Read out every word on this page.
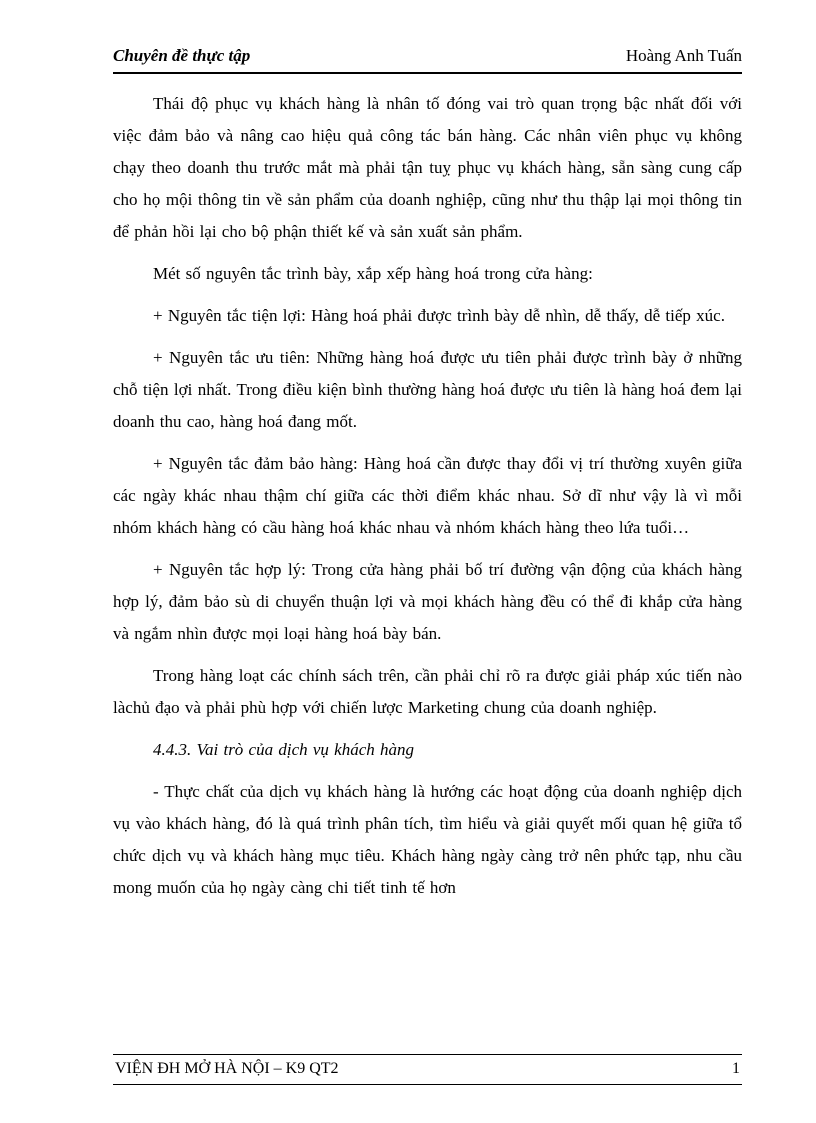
Chuyên đề thực tập	Hoàng Anh Tuấn

Thái độ phục vụ khách hàng là nhân tố đóng vai trò quan trọng bậc nhất đối với việc đảm bảo và nâng cao hiệu quả công tác bán hàng. Các nhân viên phục vụ không chạy theo doanh thu trước mắt mà phải tận tuỵ phục vụ khách hàng, sẵn sàng cung cấp cho họ mội thông tin về sản phẩm của doanh nghiệp, cũng như thu thập lại mọi thông tin để phản hồi lại cho bộ phận thiết kế và sản xuất sản phẩm.

Mét số nguyên tắc trình bày, xắp xếp hàng hoá trong cửa hàng:

+ Nguyên tắc tiện lợi: Hàng hoá phải được trình bày dễ nhìn, dễ thấy, dễ tiếp xúc.

+ Nguyên tắc ưu tiên: Những hàng hoá được ưu tiên phải được trình bày ở những chỗ tiện lợi nhất. Trong điều kiện bình thường hàng hoá được ưu tiên là hàng hoá đem lại doanh thu cao, hàng hoá đang mốt.

+ Nguyên tắc đảm bảo hàng: Hàng hoá cần được thay đổi vị trí thường xuyên giữa các ngày khác nhau thậm chí giữa các thời điểm khác nhau. Sở dĩ như vậy là vì mỗi nhóm khách hàng có cầu hàng hoá khác nhau và nhóm khách hàng theo lứa tuổi…

+ Nguyên tắc hợp lý: Trong cửa hàng phải bố trí đường vận động của khách hàng hợp lý, đảm bảo sù di chuyển thuận lợi và mọi khách hàng đều có thể đi khắp cửa hàng và ngắm nhìn được mọi loại hàng hoá bày bán.

Trong hàng loạt các chính sách trên, cần phải chỉ rõ ra được giải pháp xúc tiến nào làchủ đạo và phải phù hợp với chiến lược Marketing chung của doanh nghiệp.

4.4.3. Vai trò của dịch vụ khách hàng

- Thực chất của dịch vụ khách hàng là hướng các hoạt động của doanh nghiệp dịch vụ vào khách hàng, đó là quá trình phân tích, tìm hiểu và giải quyết mối quan hệ giữa tổ chức dịch vụ và khách hàng mục tiêu. Khách hàng ngày càng trở nên phức tạp, nhu cầu mong muốn của họ ngày càng chi tiết tinh tế hơn

VIỆN ĐH MỞ HÀ NỘI – K9 QT2	1
